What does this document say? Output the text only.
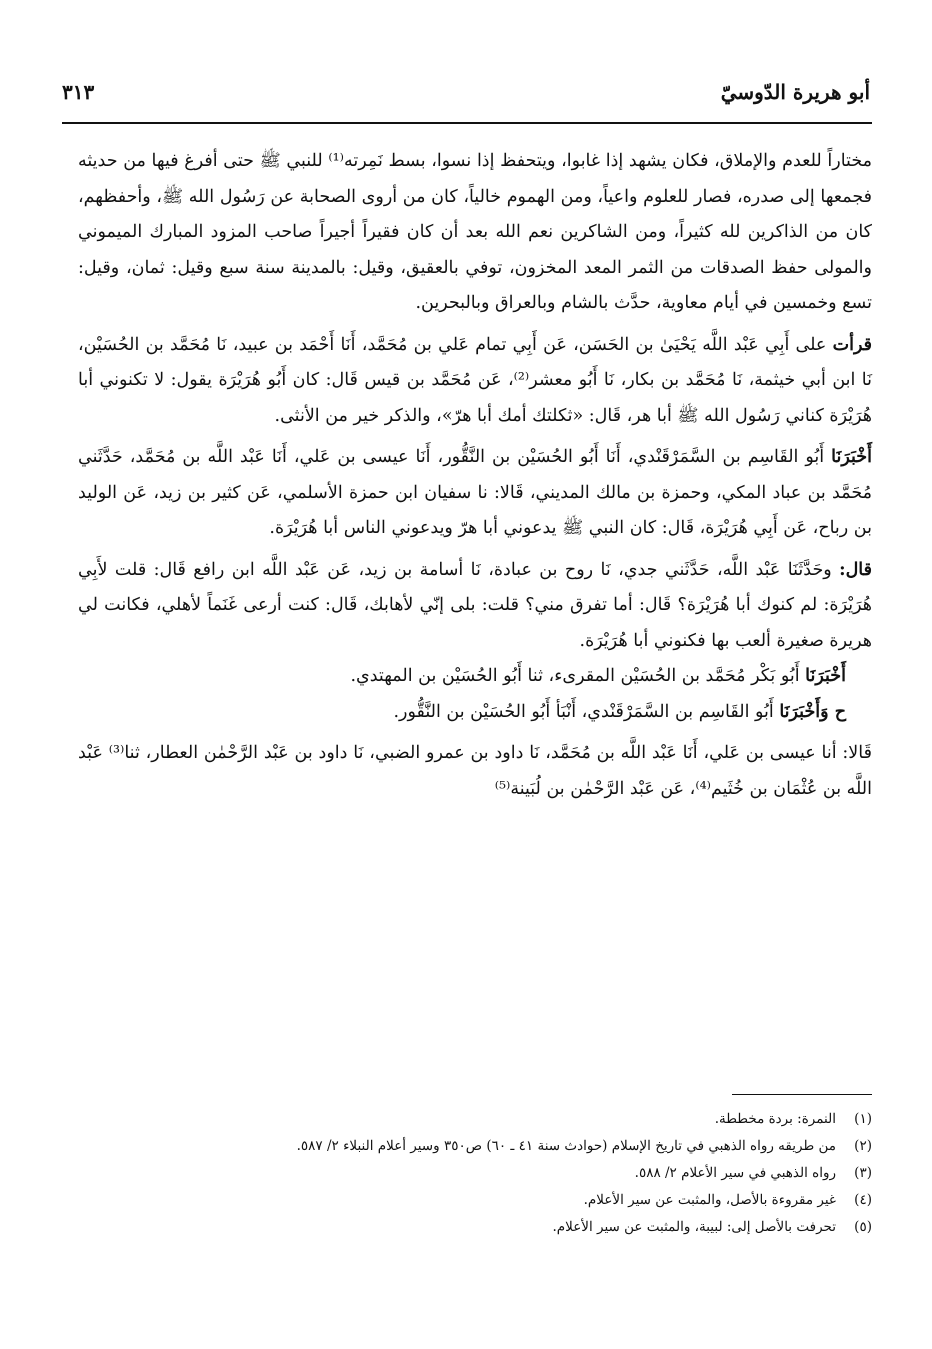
أبو هريرة الدّوسيّ
٣١٣

مختاراً للعدم والإملاق، فكان يشهد إذا غابوا، ويتحفظ إذا نسوا، بسط نَمِرته⁽¹⁾ للنبي ﷺ حتى أفرغ فيها من حديثه فجمعها إلى صدره، فصار للعلوم واعياً، ومن الهموم خالياً، كان من أروى الصحابة عن رَسُول الله ﷺ، وأحفظهم، كان من الذاكرين لله كثيراً، ومن الشاكرين نعم الله بعد أن كان فقيراً أجيراً صاحب المزود المبارك الميموني والمولى حفظ الصدقات من الثمر المعد المخزون، توفي بالعقيق، وقيل: بالمدينة سنة سبع وقيل: ثمان، وقيل: تسع وخمسين في أيام معاوية، حدَّث بالشام وبالعراق وبالبحرين.

قرأت على أَبِي عَبْد اللَّه يَحْيَىٰ بن الحَسَن، عَن أَبِي تمام عَلي بن مُحَمَّد، أَنَا أَحْمَد بن عبيد، نَا مُحَمَّد بن الحُسَيْن، نَا ابن أبي خيثمة، نَا مُحَمَّد بن بكار، نَا أَبُو معشر⁽²⁾، عَن مُحَمَّد بن قيس قَال: كان أَبُو هُرَيْرَة يقول: لا تكنوني أبا هُرَيْرَة كناني رَسُول الله ﷺ أبا هر، قَال: «ثكلتك أمك أبا هرّ»، والذكر خير من الأنثى.

أَخْبَرَنَا أَبُو القَاسِم بن السَّمَرْقَنْدي، أَنَا أَبُو الحُسَيْن بن النَّقُّور، أَنَا عيسى بن عَلي، أَنَا عَبْد اللَّه بن مُحَمَّد، حَدَّثَني مُحَمَّد بن عباد المكي، وحمزة بن مالك المديني، قَالا: نا سفيان ابن حمزة الأسلمي، عَن كثير بن زيد، عَن الوليد بن رباح، عَن أَبِي هُرَيْرَة، قَال: كان النبي ﷺ يدعوني أبا هرّ ويدعوني الناس أبا هُرَيْرَة.

قال: وحَدَّثَنَا عَبْد اللَّه، حَدَّثَني جدي، نَا روح بن عبادة، نَا أسامة بن زيد، عَن عَبْد اللَّه ابن رافع قَال: قلت لأَبِي هُرَيْرَة: لم كنوك أبا هُرَيْرَة؟ قَال: أما تفرق مني؟ قلت: بلى إنّي لأهابك، قَال: كنت أرعى غَنَماً لأهلي، فكانت لي هريرة صغيرة ألعب بها فكنوني أبا هُرَيْرَة.

أَخْبَرَنَا أَبُو بَكْر مُحَمَّد بن الحُسَيْن المقرىء، ثنا أَبُو الحُسَيْن بن المهتدي.

ح وَأَخْبَرَنَا أَبُو القَاسِم بن السَّمَرْقَنْدي، أَنْبَأ أَبُو الحُسَيْن بن النَّقُّور.

قَالا: أنا عيسى بن عَلي، أَنَا عَبْد اللَّه بن مُحَمَّد، نَا داود بن عمرو الضبي، نَا داود بن عَبْد الرَّحْمٰن العطار، ثنا⁽³⁾ عَبْد اللَّه بن عُثْمَان بن خُثَيم⁽⁴⁾، عَن عَبْد الرَّحْمٰن بن لُبَينة⁽⁵⁾

(١)
النمرة: بردة مخططة.
(٢)
من طريقه رواه الذهبي في تاريخ الإسلام (حوادث سنة ٤١ ـ ٦٠) ص٣٥٠ وسير أعلام النبلاء ٢/ ٥٨٧.
(٣)
رواه الذهبي في سير الأعلام ٢/ ٥٨٨.
(٤)
غير مقروءة بالأصل، والمثبت عن سير الأعلام.
(٥)
تحرفت بالأصل إلى: لبيبة، والمثبت عن سير الأعلام.
